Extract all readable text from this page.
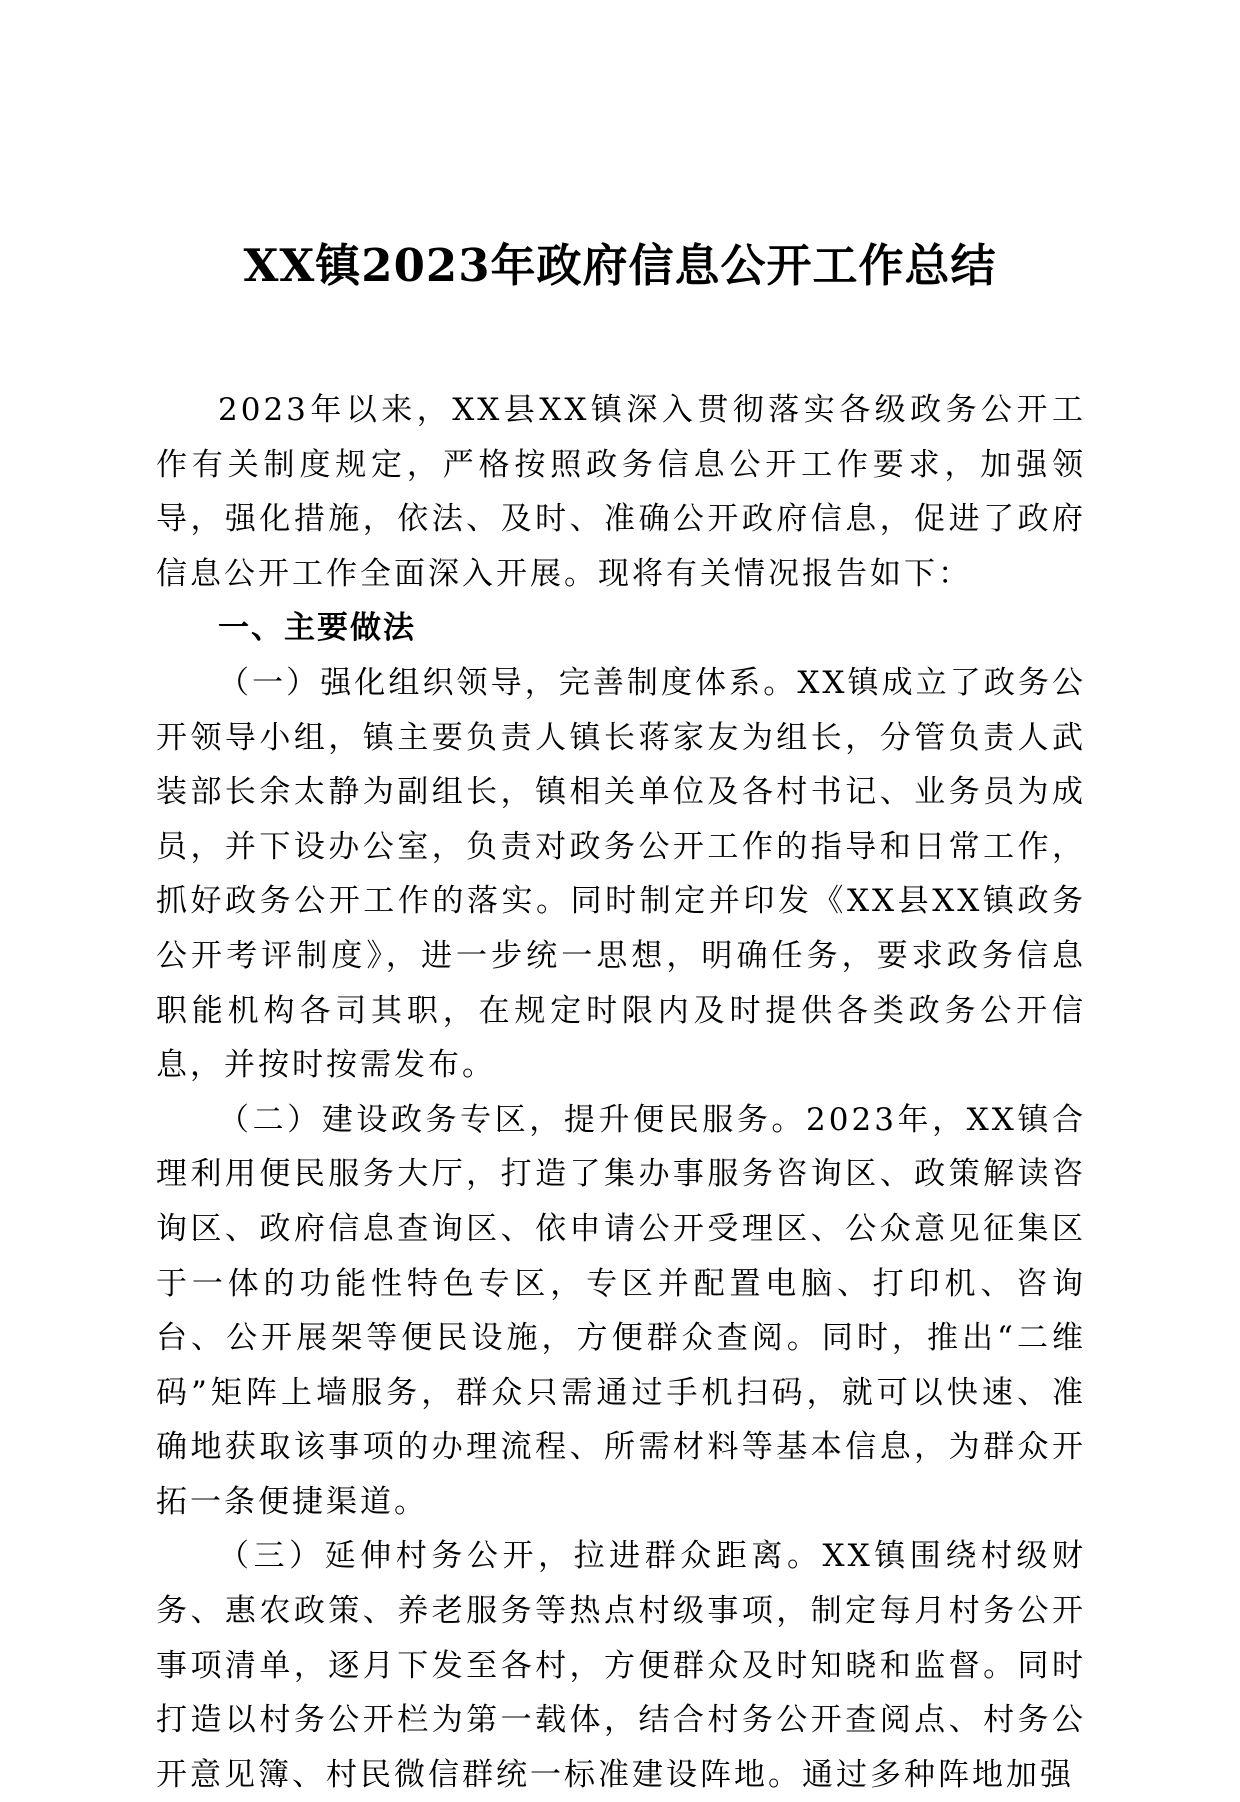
XX镇2023年政府信息公开工作总结

2023年以来，XX县XX镇深入贯彻落实各级政务公开工作有关制度规定，严格按照政务信息公开工作要求，加强领导，强化措施，依法、及时、准确公开政府信息，促进了政府信息公开工作全面深入开展。现将有关情况报告如下：

一、主要做法

（一）强化组织领导，完善制度体系。XX镇成立了政务公开领导小组，镇主要负责人镇长蒋家友为组长，分管负责人武装部长余太静为副组长，镇相关单位及各村书记、业务员为成员，并下设办公室，负责对政务公开工作的指导和日常工作，抓好政务公开工作的落实。同时制定并印发《XX县XX镇政务公开考评制度》，进一步统一思想，明确任务，要求政务信息职能机构各司其职，在规定时限内及时提供各类政务公开信息，并按时按需发布。

（二）建设政务专区，提升便民服务。2023年，XX镇合理利用便民服务大厅，打造了集办事服务咨询区、政策解读咨询区、政府信息查询区、依申请公开受理区、公众意见征集区于一体的功能性特色专区，专区并配置电脑、打印机、咨询台、公开展架等便民设施，方便群众查阅。同时，推出“二维码”矩阵上墙服务，群众只需通过手机扫码，就可以快速、准确地获取该事项的办理流程、所需材料等基本信息，为群众开拓一条便捷渠道。

（三）延伸村务公开，拉进群众距离。XX镇围绕村级财务、惠农政策、养老服务等热点村级事项，制定每月村务公开事项清单，逐月下发至各村，方便群众及时知晓和监督。同时打造以村务公开栏为第一载体，结合村务公开查阅点、村务公开意见簿、村民微信群统一标准建设阵地。通过多种阵地加强
